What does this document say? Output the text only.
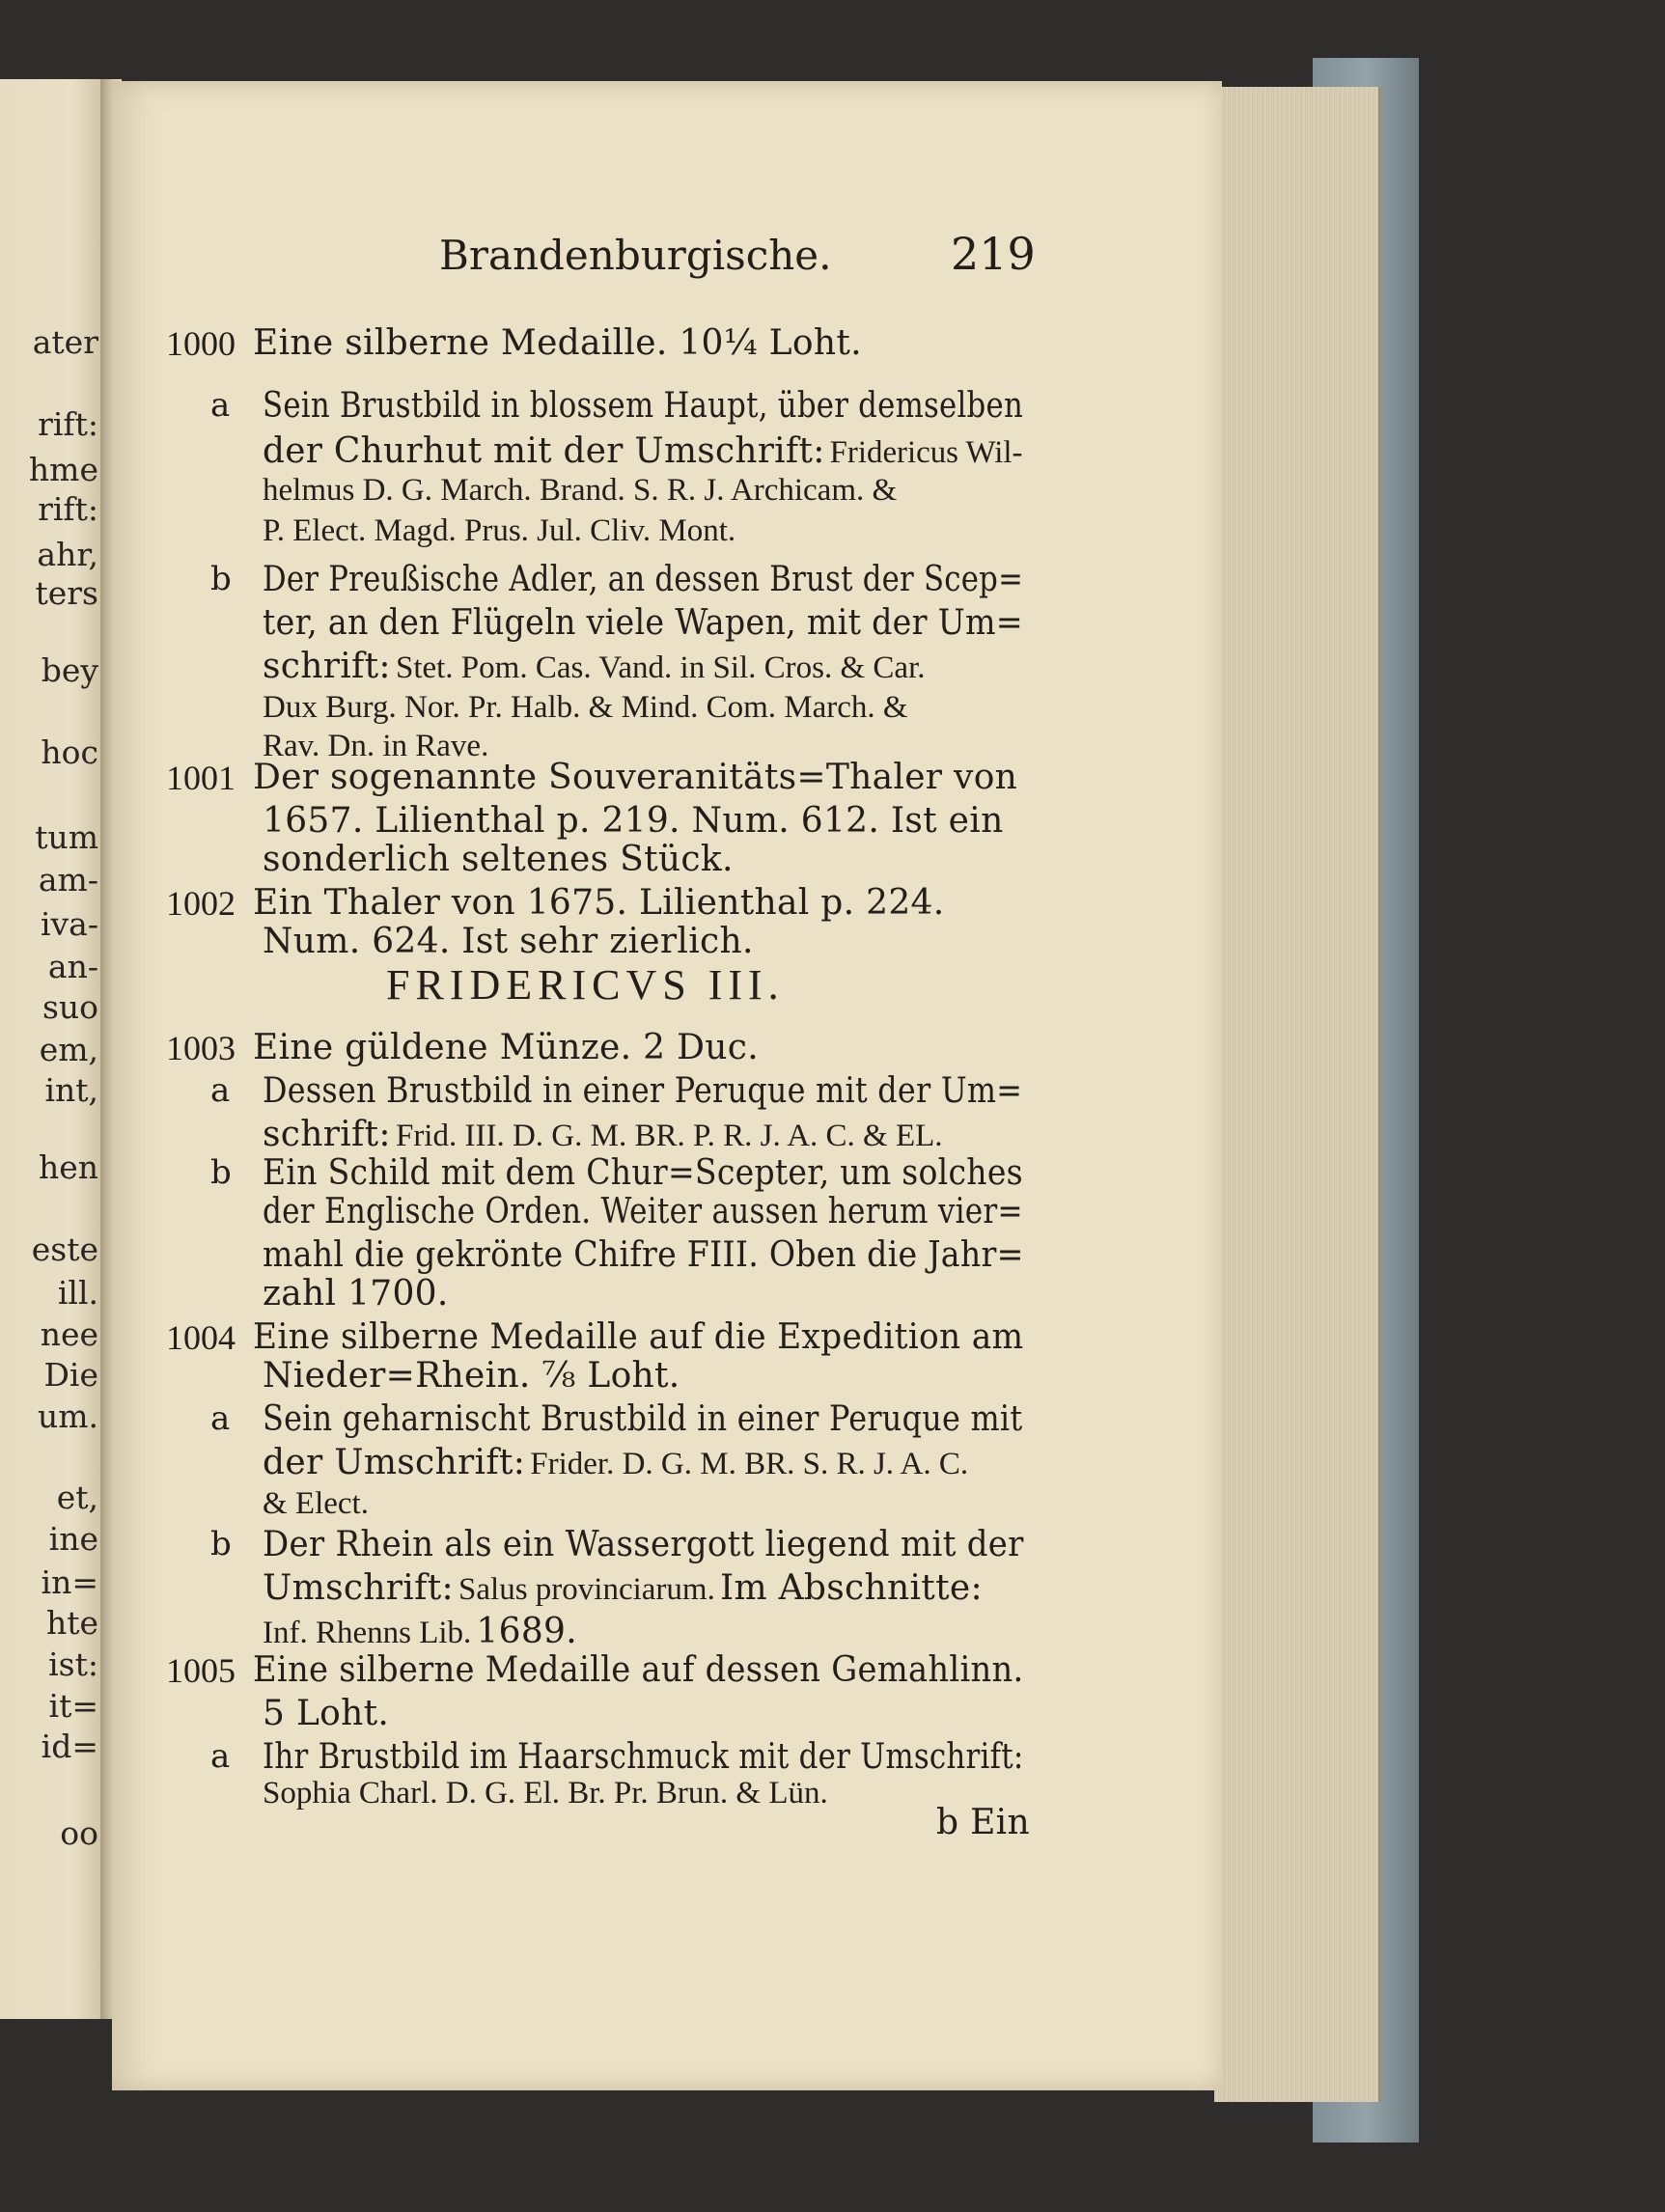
ater
rift:
hme
rift:
ahr,
ters
bey
hoc
tum
am-
iva-
an-
suo
em,
int,
hen
este
ill.
nee
Die
um.
et,
ine
in=
hte
ist:
it=
id=
oo
Brandenburgische.	219
1000 Eine silberne Medaille. 10¼ Loht.
a Sein Brustbild in blossem Haupt, über demselben
der Churhut mit der Umschrift: Fridericus Wil-
helmus D. G. March. Brand. S. R. J. Archicam. &
P. Elect. Magd. Prus. Jul. Cliv. Mont.
b Der Preußische Adler, an dessen Brust der Scep=
ter, an den Flügeln viele Wapen, mit der Um=
schrift: Stet. Pom. Cas. Vand. in Sil. Cros. & Car.
Dux Burg. Nor. Pr. Halb. & Mind. Com. March. &
Rav. Dn. in Rave.
1001 Der sogenannte Souveranitäts=Thaler von
1657. Lilienthal p. 219. Num. 612. Ist ein
sonderlich seltenes Stück.
1002 Ein Thaler von 1675. Lilienthal p. 224.
Num. 624. Ist sehr zierlich.
FRIDERICVS III.
1003 Eine güldene Münze. 2 Duc.
a Dessen Brustbild in einer Peruque mit der Um=
schrift: Frid. III. D. G. M. BR. P. R. J. A. C. & EL.
b Ein Schild mit dem Chur=Scepter, um solches
der Englische Orden. Weiter aussen herum vier=
mahl die gekrönte Chifre FIII. Oben die Jahr=
zahl 1700.
1004 Eine silberne Medaille auf die Expedition am
Nieder=Rhein. ⅞ Loht.
a Sein geharnischt Brustbild in einer Peruque mit
der Umschrift: Frider. D. G. M. BR. S. R. J. A. C.
& Elect.
b Der Rhein als ein Wassergott liegend mit der
Umschrift: Salus provinciarum. Im Abschnitte:
Inf. Rhenns Lib. 1689.
1005 Eine silberne Medaille auf dessen Gemahlinn.
5 Loht.
a Ihr Brustbild im Haarschmuck mit der Umschrift:
Sophia Charl. D. G. El. Br. Pr. Brun. & Lün.
b Ein
